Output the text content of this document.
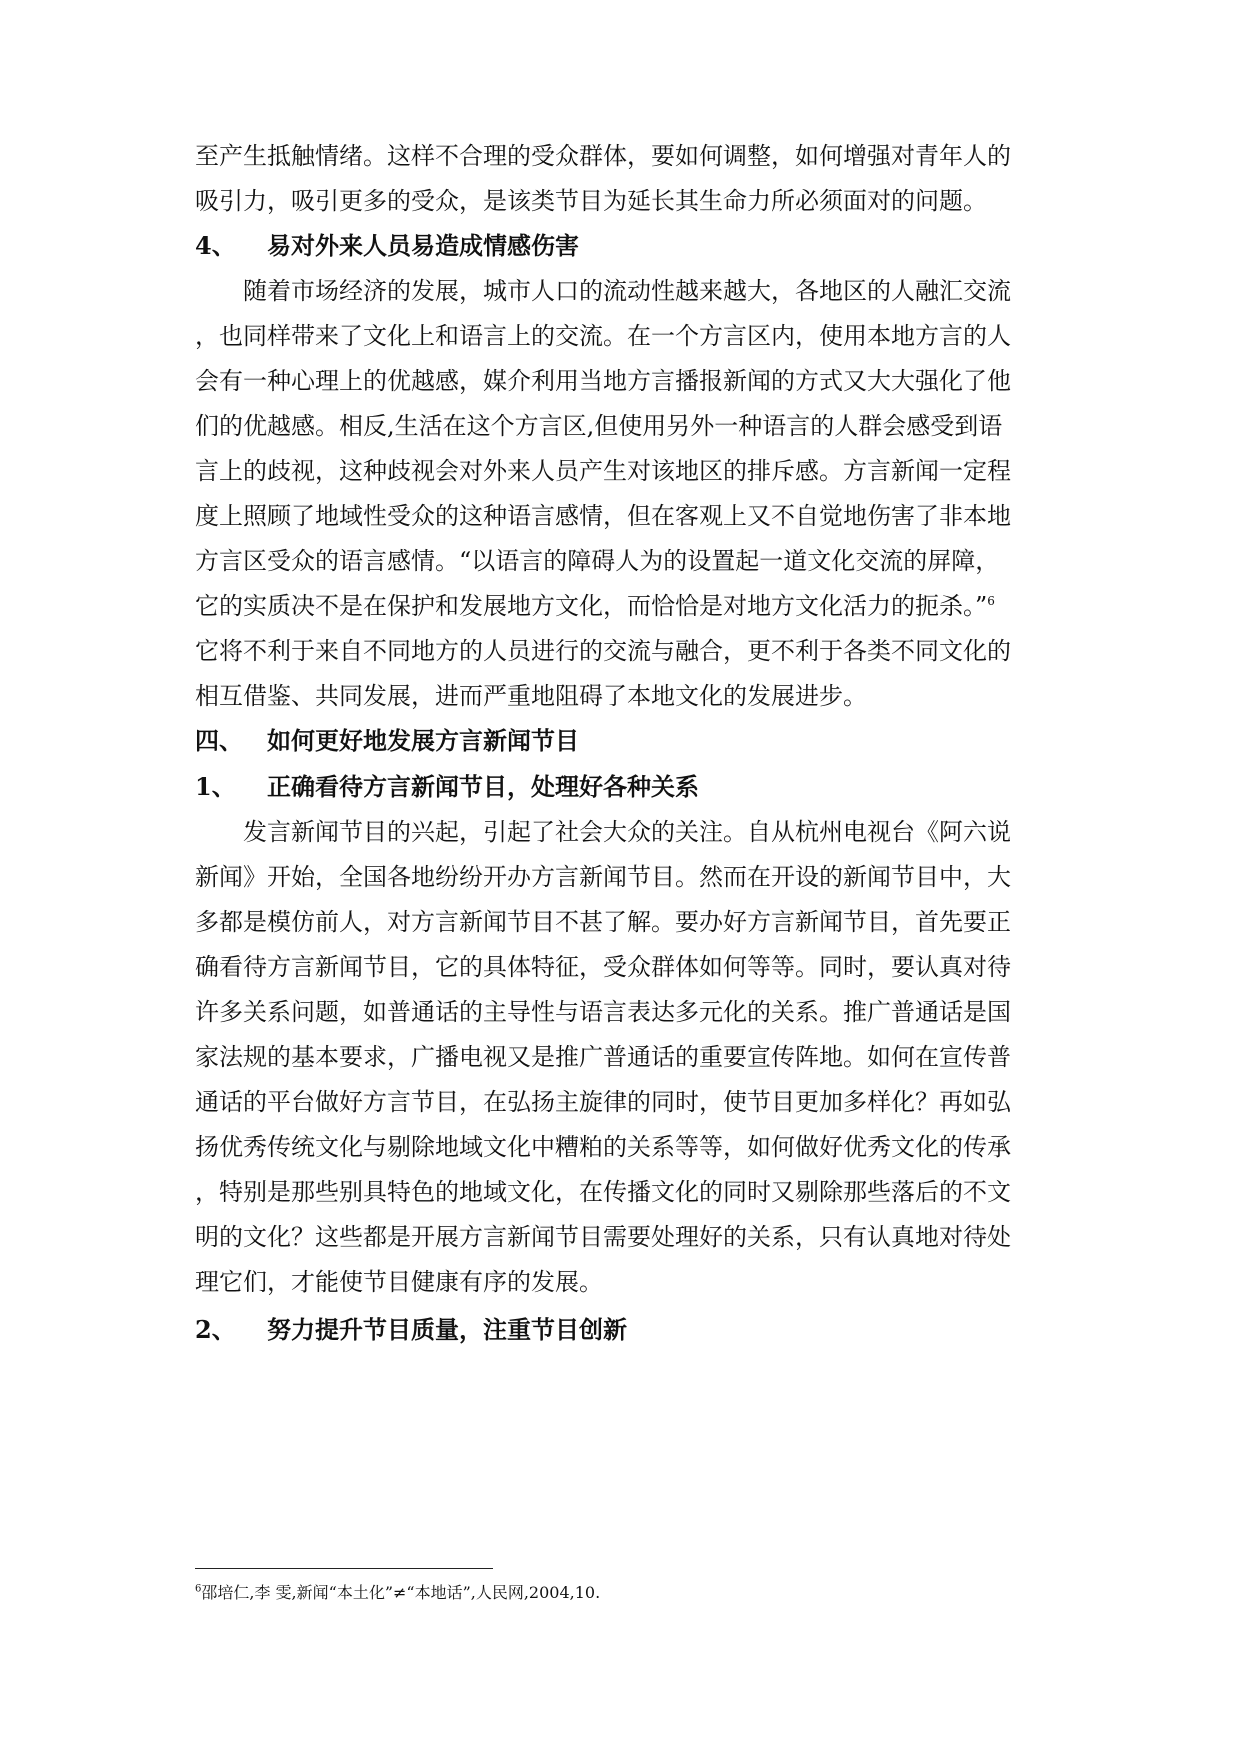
至产生抵触情绪。这样不合理的受众群体，要如何调整，如何增强对青年人的
吸引力，吸引更多的受众，是该类节目为延长其生命力所必须面对的问题。
4、 易对外来人员易造成情感伤害
随着市场经济的发展，城市人口的流动性越来越大，各地区的人融汇交流
，也同样带来了文化上和语言上的交流。在一个方言区内，使用本地方言的人
会有一种心理上的优越感，媒介利用当地方言播报新闻的方式又大大强化了他
们的优越感。相反,生活在这个方言区,但使用另外一种语言的人群会感受到语
言上的歧视，这种歧视会对外来人员产生对该地区的排斥感。方言新闻一定程
度上照顾了地域性受众的这种语言感情，但在客观上又不自觉地伤害了非本地
方言区受众的语言感情。“以语言的障碍人为的设置起一道文化交流的屏障，
它的实质决不是在保护和发展地方文化，而恰恰是对地方文化活力的扼杀。”$^6$
它将不利于来自不同地方的人员进行的交流与融合，更不利于各类不同文化的
相互借鉴、共同发展，进而严重地阻碍了本地文化的发展进步。
四、 如何更好地发展方言新闻节目
1、 正确看待方言新闻节目，处理好各种关系
发言新闻节目的兴起，引起了社会大众的关注。自从杭州电视台《阿六说
新闻》开始，全国各地纷纷开办方言新闻节目。然而在开设的新闻节目中，大
多都是模仿前人，对方言新闻节目不甚了解。要办好方言新闻节目，首先要正
确看待方言新闻节目，它的具体特征，受众群体如何等等。同时，要认真对待
许多关系问题，如普通话的主导性与语言表达多元化的关系。推广普通话是国
家法规的基本要求，广播电视又是推广普通话的重要宣传阵地。如何在宣传普
通话的平台做好方言节目，在弘扬主旋律的同时，使节目更加多样化？再如弘
扬优秀传统文化与剔除地域文化中糟粕的关系等等，如何做好优秀文化的传承
，特别是那些别具特色的地域文化，在传播文化的同时又剔除那些落后的不文
明的文化？这些都是开展方言新闻节目需要处理好的关系，只有认真地对待处
理它们，才能使节目健康有序的发展。
2、 努力提升节目质量，注重节目创新
$^6$邵培仁,李 雯,新闻“本土化”≠“本地话”,人民网,2004,10.
